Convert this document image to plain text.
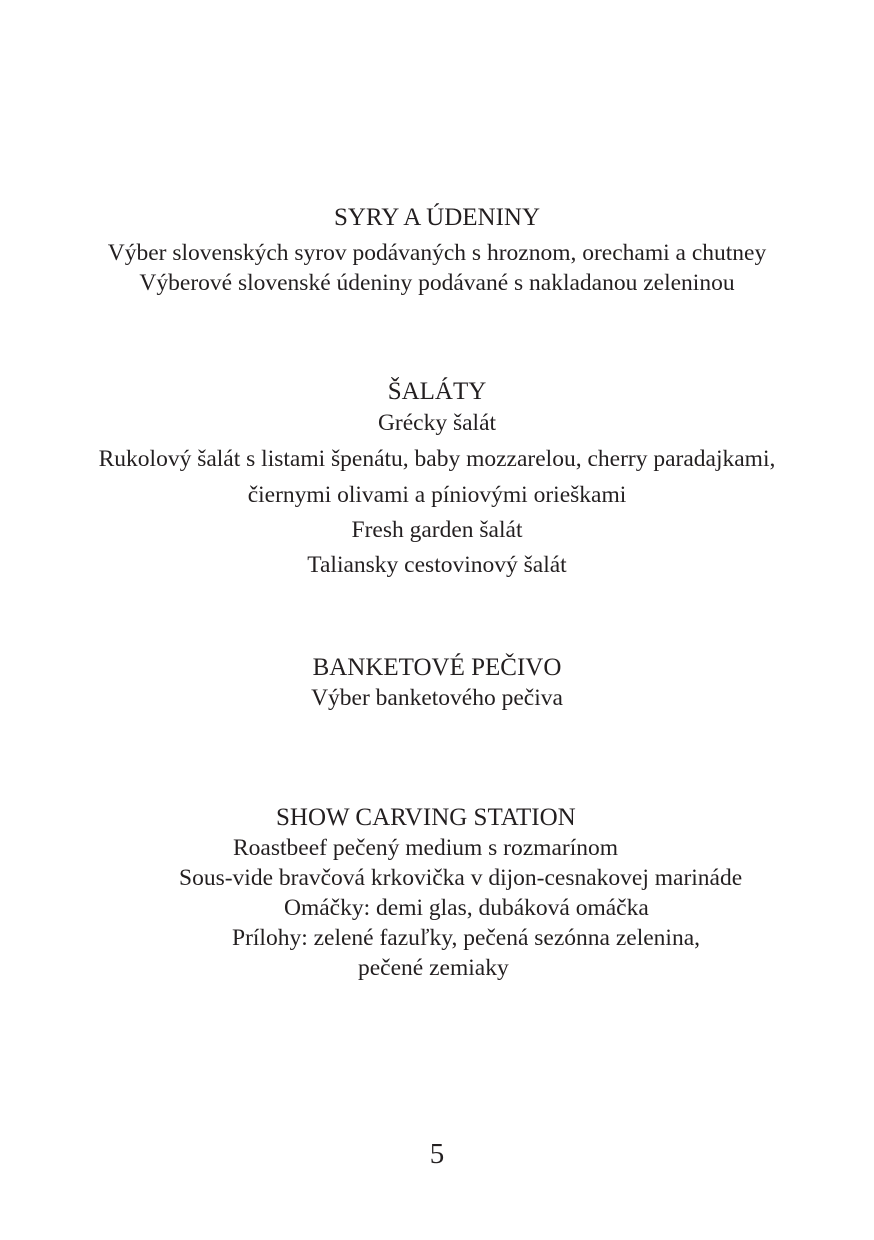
SYRY A ÚDENINY
Výber slovenských syrov podávaných s hroznom, orechami a chutney
Výberové slovenské údeniny podávané s nakladanou zeleninou
ŠALÁTY
Grécky šalát
Rukolový šalát s listami špenátu, baby mozzarelou, cherry paradajkami,
čiernymi olivami a píniovými orieškami
Fresh garden šalát
Taliansky cestovinový šalát
BANKETOVÉ PEČIVO
Výber banketového pečiva
SHOW CARVING STATION
Roastbeef pečený medium s rozmarínom
Sous-vide bravčová krkovička v dijon-cesnakovej marináde
Omáčky: demi glas, dubáková omáčka
Prílohy: zelené fazuľky, pečená sezónna zelenina,
pečené zemiaky
5
